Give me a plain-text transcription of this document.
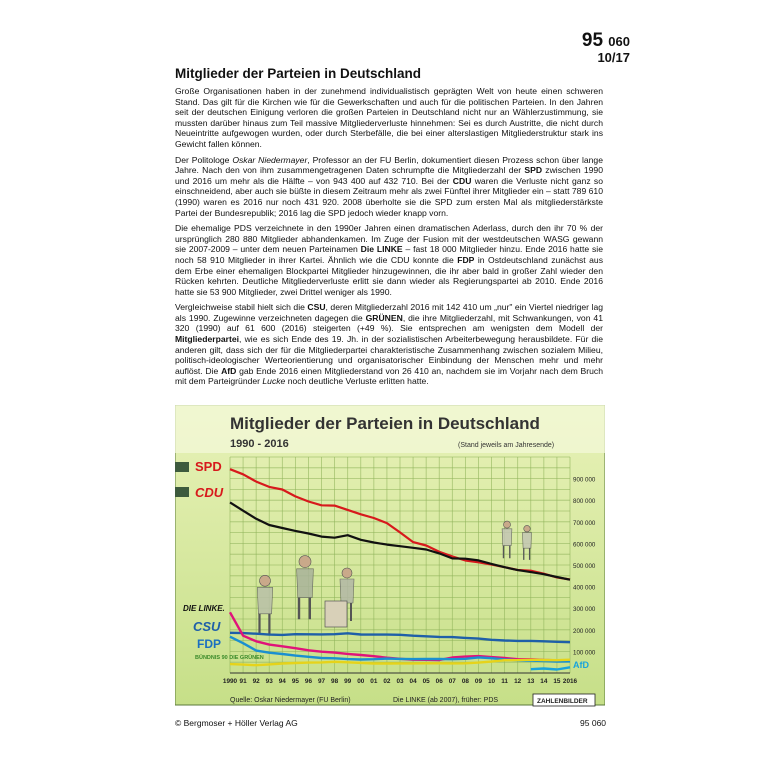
95 060
10/17
Mitglieder der Parteien in Deutschland

Große Organisationen haben in der zunehmend individualistisch geprägten Welt von heute einen schweren Stand. Das gilt für die Kirchen wie für die Gewerkschaften und auch für die politischen Parteien. In den Jahren seit der deutschen Einigung verloren die großen Parteien in Deutschland nicht nur an Wählerzustimmung, sie mussten darüber hinaus zum Teil massive Mitgliederverluste hinnehmen: Sei es durch Austritte, die nicht durch Neueintritte aufgewogen wurden, oder durch Sterbefälle, die bei einer alterslastigen Mitgliederstruktur stark ins Gewicht fallen können.

Der Politologe Oskar Niedermayer, Professor an der FU Berlin, dokumentiert diesen Prozess schon über lange Jahre. Nach den von ihm zusammengetragenen Daten schrumpfte die Mitgliederzahl der SPD zwischen 1990 und 2016 um mehr als die Hälfte – von 943 400 auf 432 710. Bei der CDU waren die Verluste nicht ganz so einschneidend, aber auch sie büßte in diesem Zeitraum mehr als zwei Fünftel ihrer Mitglieder ein – statt 789 610 (1990) waren es 2016 nur noch 431 920. 2008 überholte sie die SPD zum ersten Mal als mitgliederstärkste Partei der Bundesrepublik; 2016 lag die SPD jedoch wieder knapp vorn.

Die ehemalige PDS verzeichnete in den 1990er Jahren einen dramatischen Aderlass, durch den ihr 70 % der ursprünglich 280 880 Mitglieder abhandenkamen. Im Zuge der Fusion mit der westdeutschen WASG gewann sie 2007-2009 – unter dem neuen Parteinamen Die LINKE – fast 18 000 Mitglieder hinzu. Ende 2016 hatte sie noch 58 910 Mitglieder in ihrer Kartei. Ähnlich wie die CDU konnte die FDP in Ostdeutschland zunächst aus dem Erbe einer ehemaligen Blockpartei Mitglieder hinzugewinnen, die ihr aber bald in großer Zahl wieder den Rücken kehrten. Deutliche Mitgliederverluste erlitt sie dann wieder als Regierungspartei ab 2010. Ende 2016 hatte sie 53 900 Mitglieder, zwei Drittel weniger als 1990.

Vergleichweise stabil hielt sich die CSU, deren Mitgliederzahl 2016 mit 142 410 um „nur" ein Viertel niedriger lag als 1990. Zugewinne verzeichneten dagegen die GRÜNEN, die ihre Mitgliederzahl, mit Schwankungen, von 41 320 (1990) auf 61 600 (2016) steigerten (+49 %). Sie entsprechen am wenigsten dem Modell der Mitgliederpartei, wie es sich Ende des 19. Jh. in der sozialistischen Arbeiterbewegung herausbildete. Für die anderen gilt, dass sich der für die Mitgliederpartei charakteristische Zusammenhang zwischen sozialem Milieu, politisch-ideologischer Werteorientierung und organisatorischer Einbindung der Menschen mehr und mehr auflöst. Die AfD gab Ende 2016 einen Mitgliederstand von 26 410 an, nachdem sie im Vorjahr nach dem Bruch mit dem Parteigründer Lucke noch deutliche Verluste erlitten hatte.

SPD
CDU
DIE LINKE.
CSU
FDP
BÜNDNIS 90 DIE GRÜNEN
AfD
900 000
800 000
700 000
600 000
500 000
400 000
300 000
200 000
100 000
1990 91 92 93 94 95 96 97 98 99 00 01 02 03 04 05 06 07 08 09 10 11 12 13 14 15 2016
Mitglieder der Parteien in Deutschland
1990 - 2016	(Stand jeweils am Jahresende)
Quelle: Oskar Niedermayer (FU Berlin)	Die LINKE (ab 2007), früher: PDS	ZAHLENBILDER
© Bergmoser + Höller Verlag AG	95 060
